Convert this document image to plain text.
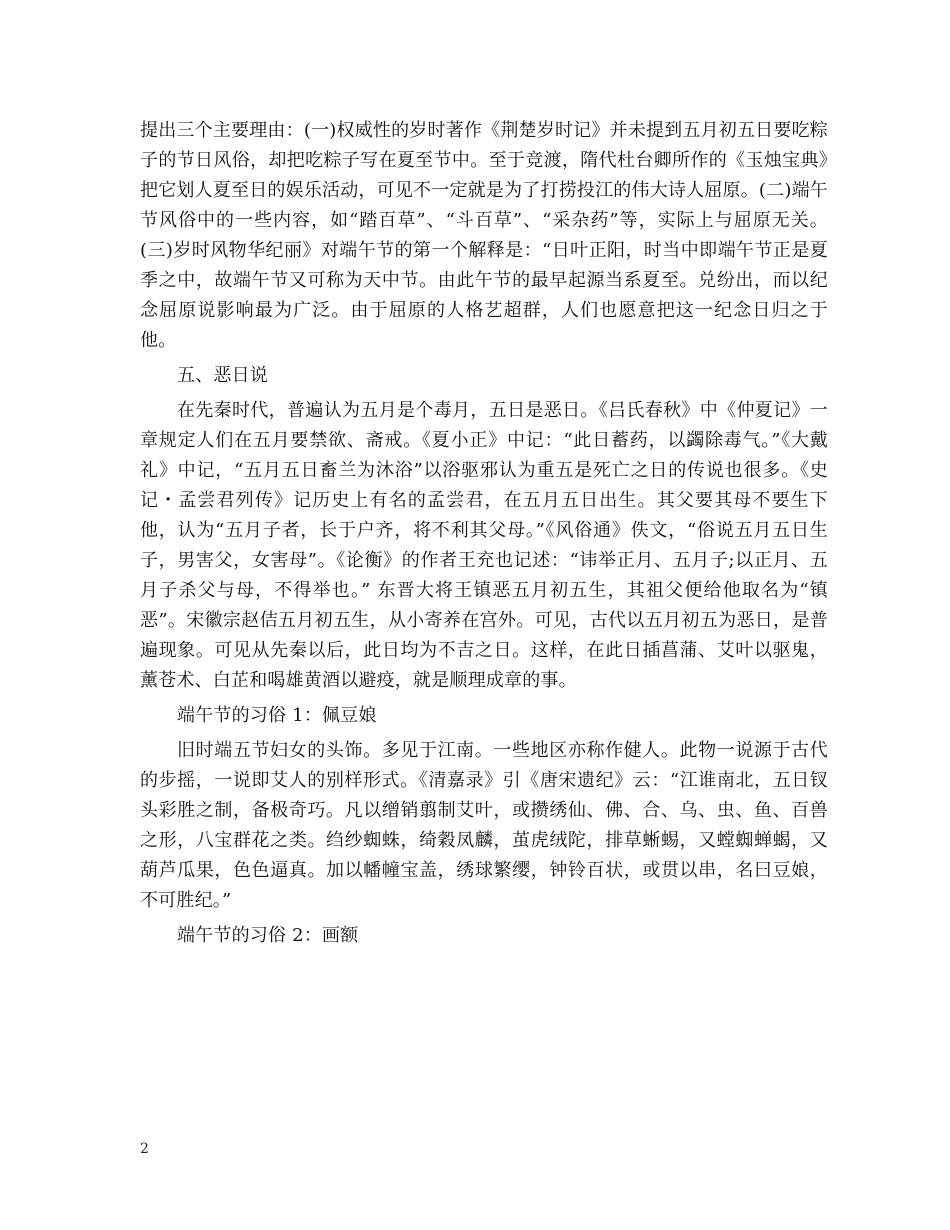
提出三个主要理由：(一)权威性的岁时著作《荆楚岁时记》并未提到五月初五日要吃粽子的节日风俗，却把吃粽子写在夏至节中。至于竞渡，隋代杜台卿所作的《玉烛宝典》把它划人夏至日的娱乐活动，可见不一定就是为了打捞投江的伟大诗人屈原。(二)端午节风俗中的一些内容，如“踏百草”、“斗百草”、“采杂药”等，实际上与屈原无关。(三)岁时风物华纪丽》对端午节的第一个解释是：“日叶正阳，时当中即端午节正是夏季之中，故端午节又可称为天中节。由此午节的最早起源当系夏至。兑纷出，而以纪念屈原说影响最为广泛。由于屈原的人格艺超群，人们也愿意把这一纪念日归之于他。

五、恶日说

在先秦时代，普遍认为五月是个毒月，五日是恶日。《吕氏春秋》中《仲夏记》一章规定人们在五月要禁欲、斋戒。《夏小正》中记：“此日蓄药，以蠲除毒气。”《大戴礼》中记，“五月五日畜兰为沐浴”以浴驱邪认为重五是死亡之日的传说也很多。《史记・孟尝君列传》记历史上有名的孟尝君，在五月五日出生。其父要其母不要生下他，认为“五月子者，长于户齐，将不利其父母。”《风俗通》佚文，“俗说五月五日生子，男害父，女害母”。《论衡》的作者王充也记述：“讳举正月、五月子;以正月、五月子杀父与母，不得举也。” 东晋大将王镇恶五月初五生，其祖父便给他取名为“镇恶”。宋徽宗赵佶五月初五生，从小寄养在宫外。可见，古代以五月初五为恶日，是普遍现象。可见从先秦以后，此日均为不吉之日。这样，在此日插菖蒲、艾叶以驱鬼，薰苍术、白芷和喝雄黄酒以避疫，就是顺理成章的事。

端午节的习俗 1：佩豆娘

旧时端五节妇女的头饰。多见于江南。一些地区亦称作健人。此物一说源于古代的步摇，一说即艾人的别样形式。《清嘉录》引《唐宋遗纪》云：“江谁南北，五日钗头彩胜之制，备极奇巧。凡以缯销翦制艾叶，或攒绣仙、佛、合、乌、虫、鱼、百兽之形，八宝群花之类。绉纱蜘蛛，绮穀凤麟，茧虎绒陀，排草蜥蜴，又螳蜘蝉蝎，又葫芦瓜果，色色逼真。加以幡幢宝盖，绣球繁缨，钟铃百状，或贯以串，名曰豆娘，不可胜纪。”

端午节的习俗 2：画额

2
